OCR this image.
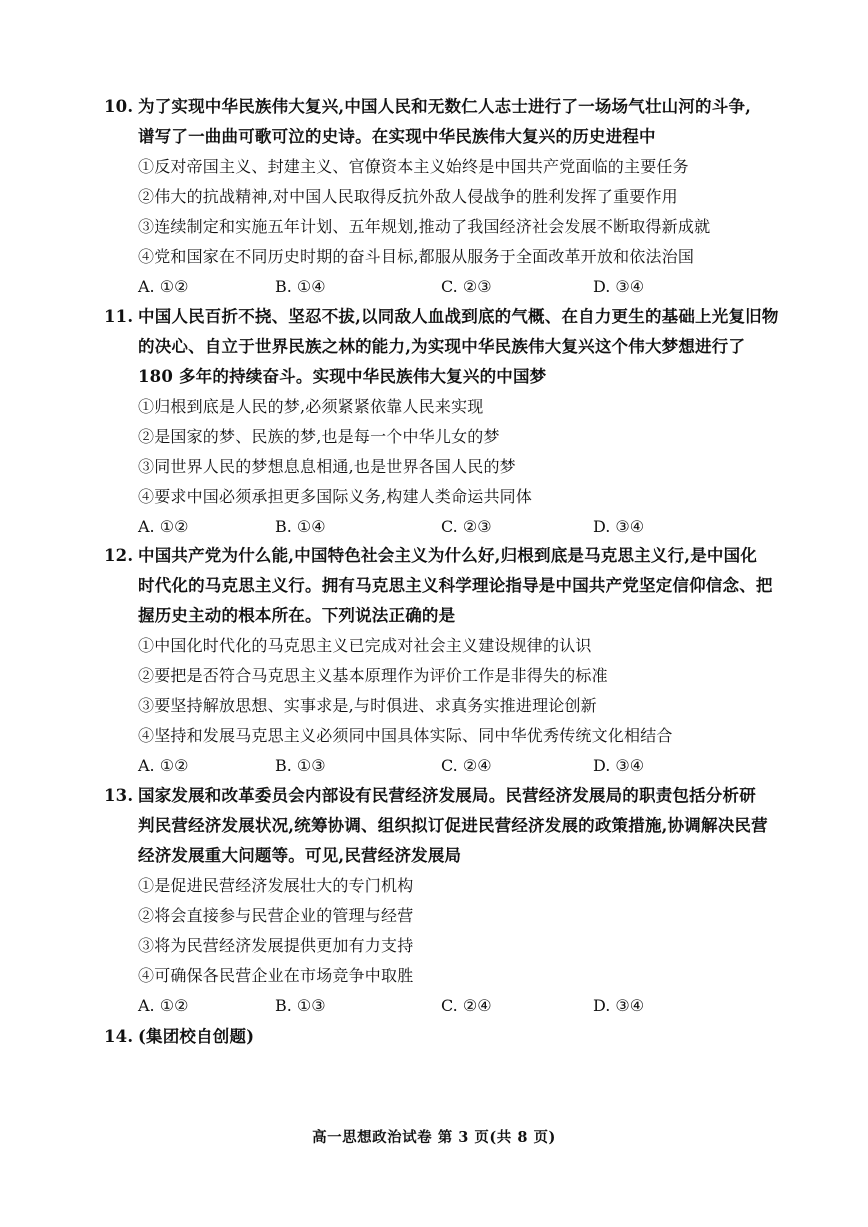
10. 为了实现中华民族伟大复兴,中国人民和无数仁人志士进行了一场场气壮山河的斗争,
谱写了一曲曲可歌可泣的史诗。在实现中华民族伟大复兴的历史进程中
①反对帝国主义、封建主义、官僚资本主义始终是中国共产党面临的主要任务
②伟大的抗战精神,对中国人民取得反抗外敌人侵战争的胜利发挥了重要作用
③连续制定和实施五年计划、五年规划,推动了我国经济社会发展不断取得新成就
④党和国家在不同历史时期的奋斗目标,都服从服务于全面改革开放和依法治国
A. ①②	B. ①④	C. ②③	D. ③④
11. 中国人民百折不挠、坚忍不拔,以同敌人血战到底的气概、在自力更生的基础上光复旧物
的决心、自立于世界民族之林的能力,为实现中华民族伟大复兴这个伟大梦想进行了
180 多年的持续奋斗。实现中华民族伟大复兴的中国梦
①归根到底是人民的梦,必须紧紧依靠人民来实现
②是国家的梦、民族的梦,也是每一个中华儿女的梦
③同世界人民的梦想息息相通,也是世界各国人民的梦
④要求中国必须承担更多国际义务,构建人类命运共同体
A. ①②	B. ①④	C. ②③	D. ③④
12. 中国共产党为什么能,中国特色社会主义为什么好,归根到底是马克思主义行,是中国化
时代化的马克思主义行。拥有马克思主义科学理论指导是中国共产党坚定信仰信念、把
握历史主动的根本所在。下列说法正确的是
①中国化时代化的马克思主义已完成对社会主义建设规律的认识
②要把是否符合马克思主义基本原理作为评价工作是非得失的标准
③要坚持解放思想、实事求是,与时俱进、求真务实推进理论创新
④坚持和发展马克思主义必须同中国具体实际、同中华优秀传统文化相结合
A. ①②	B. ①③	C. ②④	D. ③④
13. 国家发展和改革委员会内部设有民营经济发展局。民营经济发展局的职责包括分析研
判民营经济发展状况,统筹协调、组织拟订促进民营经济发展的政策措施,协调解决民营
经济发展重大问题等。可见,民营经济发展局
①是促进民营经济发展壮大的专门机构
②将会直接参与民营企业的管理与经营
③将为民营经济发展提供更加有力支持
④可确保各民营企业在市场竞争中取胜
A. ①②	B. ①③	C. ②④	D. ③④
14. (集团校自创题)
高一思想政治试卷 第 3 页(共 8 页)
